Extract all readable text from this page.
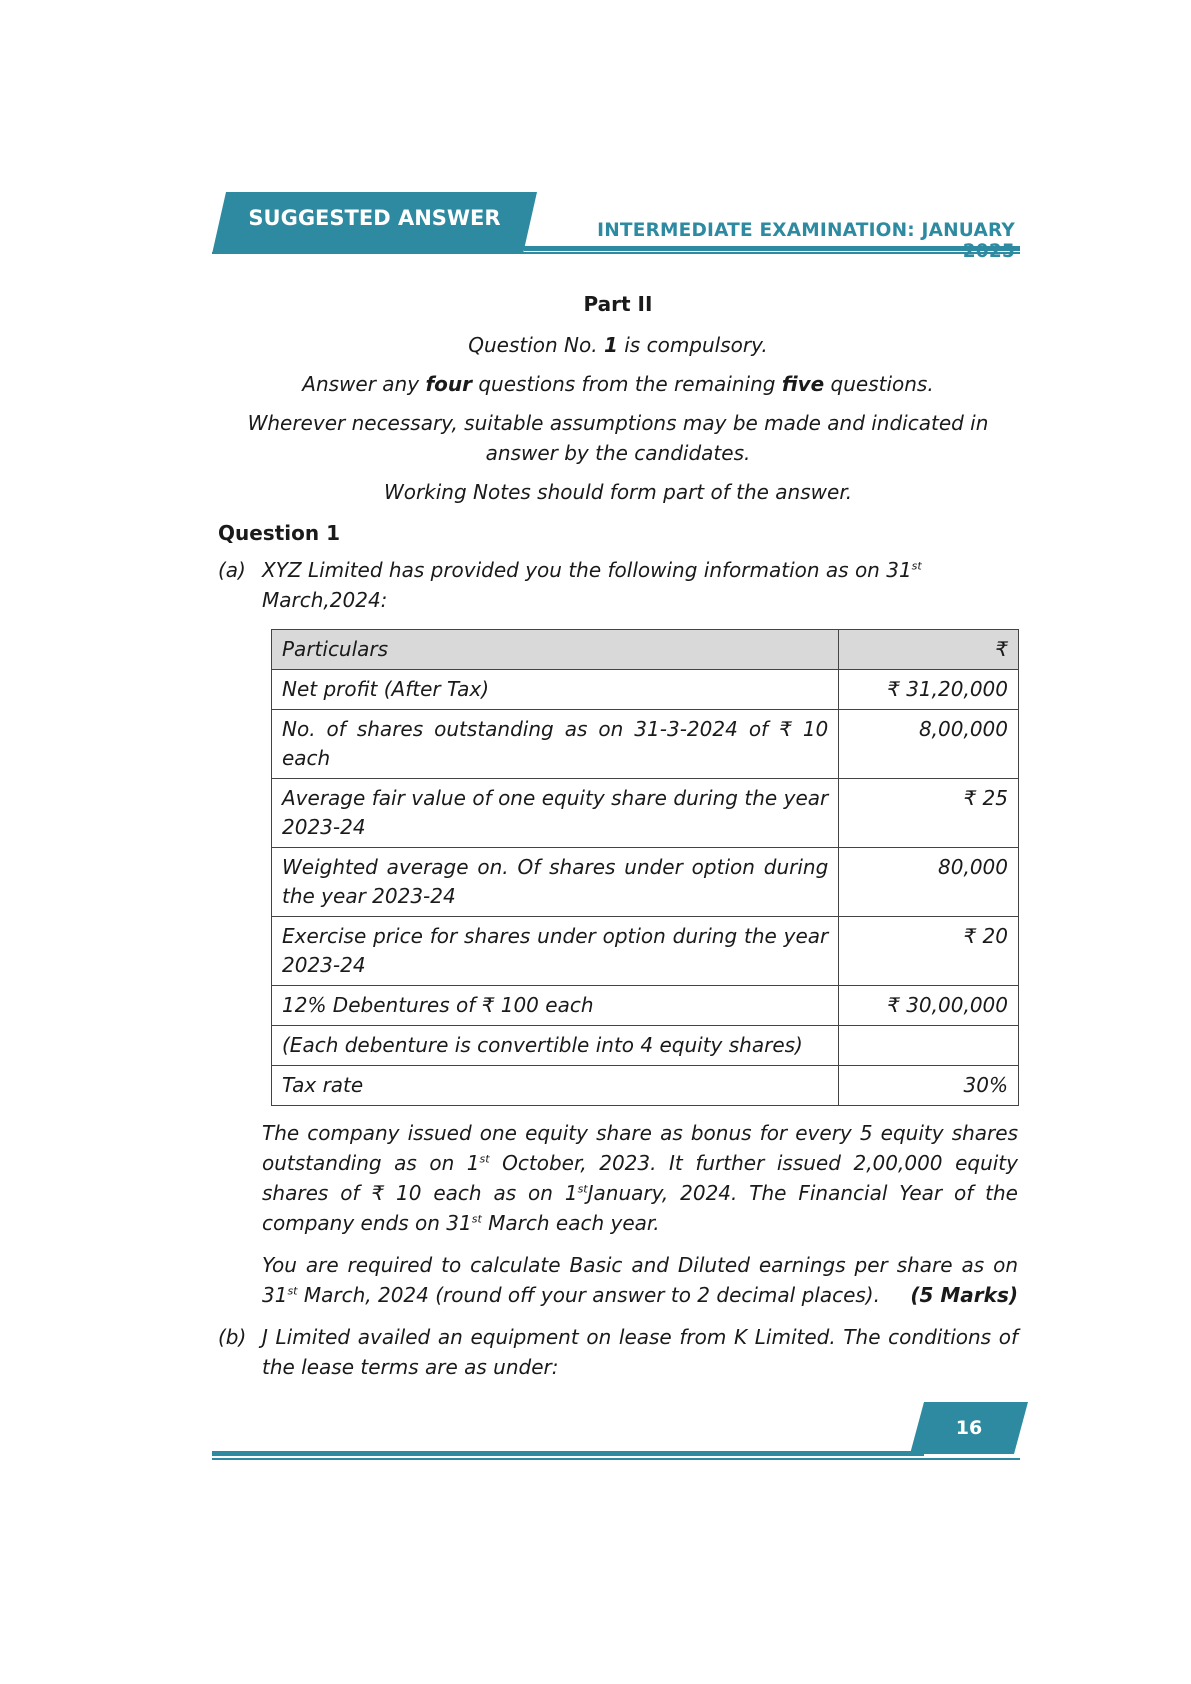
SUGGESTED ANSWER
INTERMEDIATE EXAMINATION: JANUARY
Part II
Question No. 1 is compulsory.
Answer any four questions from the remaining five questions.
Wherever necessary, suitable assumptions may be made and indicated in
answer by the candidates.
Working Notes should form part of the answer.
Question 1
(a) XYZ Limited has provided you the following information as on 31st
March,2024:
Particulars	₹
Net profit (After Tax)	₹ 31,20,000
No. of shares outstanding as on 31-3-2024 of ₹ 10 each	8,00,000
Average fair value of one equity share during the year 2023-24	₹ 25
Weighted average on. Of shares under option during the year 2023-24	80,000
Exercise price for shares under option during the year 2023-24	₹ 20
12% Debentures of ₹ 100 each	₹ 30,00,000
(Each debenture is convertible into 4 equity shares)	
Tax rate	30%
The company issued one equity share as bonus for every 5 equity shares outstanding as on 1st October, 2023. It further issued 2,00,000 equity shares of ₹ 10 each as on 1stJanuary, 2024. The Financial Year of the company ends on 31st March each year.
You are required to calculate Basic and Diluted earnings per share as on 31st March, 2024 (round off your answer to 2 decimal places). (5 Marks)
(b) J Limited availed an equipment on lease from K Limited. The conditions of the lease terms are as under:
16
